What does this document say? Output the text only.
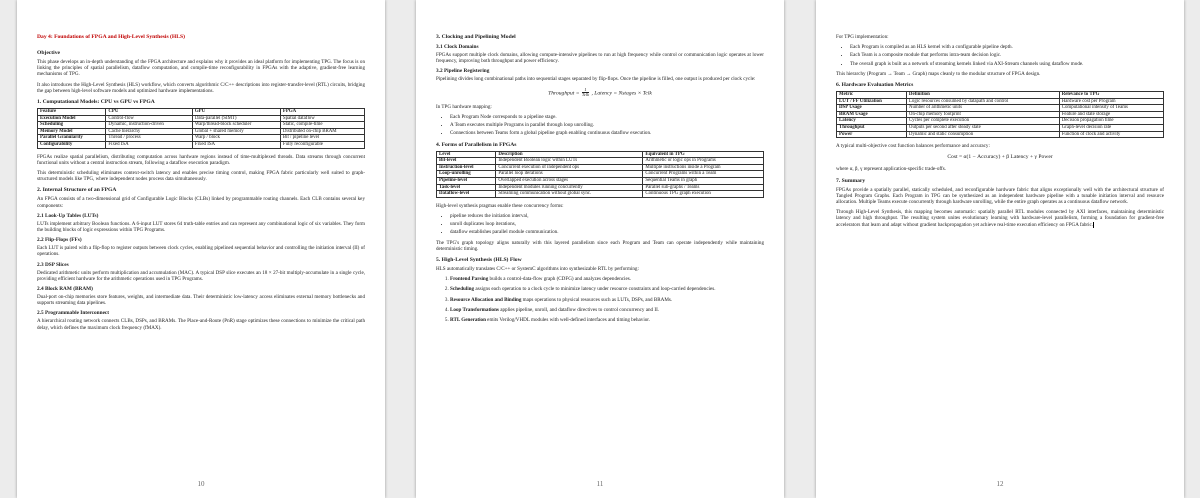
Day 4: Foundations of FPGA and High-Level Synthesis (HLS)
Objective

This phase develops an in-depth understanding of the FPGA architecture and explains why it provides an ideal platform for implementing TPG. The focus is on linking the principles of spatial parallelism, dataflow computation, and compile-time reconfigurability in FPGAs with the adaptive, gradient-free learning mechanisms of TPG.

It also introduces the High-Level Synthesis (HLS) workflow, which converts algorithmic C/C++ descriptions into register-transfer-level (RTL) circuits, bridging the gap between high-level software models and optimized hardware implementations.

1. Computational Models: CPU vs GPU vs FPGA
Feature	CPU	GPU	FPGA
Execution Model	Control-flow	Data-parallel (SIMT)	Spatial dataflow
Scheduling	Dynamic, instruction-driven	Warp/thread-block scheduler	Static, compile-time
Memory Model	Cache hierarchy	Global + shared memory	Distributed on-chip BRAM
Parallel Granularity	Thread / process	Warp / block	Bit / pipeline level
Configurability	Fixed ISA	Fixed ISA	Fully reconfigurable

FPGAs realize spatial parallelism, distributing computation across hardware regions instead of time-multiplexed threads. Data streams through concurrent functional units without a central instruction stream, following a dataflow execution paradigm.

This deterministic scheduling eliminates context-switch latency and enables precise timing control, making FPGA fabric particularly well suited to graph-structured models like TPG, where independent nodes process data simultaneously.

2. Internal Structure of an FPGA

An FPGA consists of a two-dimensional grid of Configurable Logic Blocks (CLBs) linked by programmable routing channels. Each CLB contains several key components:

2.1 Look-Up Tables (LUTs)

LUTs implement arbitrary Boolean functions. A 6-input LUT stores 64 truth-table entries and can represent any combinational logic of six variables. They form the building blocks of logic expressions within TPG Programs.

2.2 Flip-Flops (FFs)

Each LUT is paired with a flip-flop to register outputs between clock cycles, enabling pipelined sequential behavior and controlling the initiation interval (II) of operations.

2.3 DSP Slices

Dedicated arithmetic units perform multiplication and accumulation (MAC). A typical DSP slice executes an 18 × 27-bit multiply-accumulate in a single cycle, providing efficient hardware for the arithmetic operations used in TPG Programs.

2.4 Block RAM (BRAM)

Dual-port on-chip memories store features, weights, and intermediate data. Their deterministic low-latency access eliminates external memory bottlenecks and supports streaming data pipelines.

2.5 Programmable Interconnect

A hierarchical routing network connects CLBs, DSPs, and BRAMs. The Place-and-Route (PnR) stage optimizes these connections to minimize the critical path delay, which defines the maximum clock frequency (fMAX).

10
3. Clocking and Pipelining Model
3.1 Clock Domains

FPGAs support multiple clock domains, allowing compute-intensive pipelines to run at high frequency while control or communication logic operates at lower frequency, improving both throughput and power efficiency.

3.2 Pipeline Registering

Pipelining divides long combinational paths into sequential stages separated by flip-flops. Once the pipeline is filled, one output is produced per clock cycle:

Throughput = $\frac{1}{\text{Tclk}}$ , Latency = Nstages × Tclk

In TPG hardware mapping:

• Each Program Node corresponds to a pipeline stage.
• A Team executes multiple Programs in parallel through loop unrolling.
• Connections between Teams form a global pipeline graph enabling continuous dataflow execution.
4. Forms of Parallelism in FPGAs
Level	Description	Equivalent in TPG
Bit-level	Independent Boolean logic within LUTs	Arithmetic or logic ops in Programs
Instruction-level	Concurrent execution of independent ops	Multiple instructions inside a Program
Loop-unrolling	Parallel loop iterations	Concurrent Programs within a Team
Pipeline-level	Overlapped execution across stages	Sequential Teams in graph
Task-level	Independent modules running concurrently	Parallel sub-graphs / Teams
Dataflow-level	Streaming communication without global sync.	Continuous TPG graph execution

High-level synthesis pragmas enable these concurrency forms:

• pipeline reduces the initiation interval,
• unroll duplicates loop iterations,
• dataflow establishes parallel module communication.

The TPG's graph topology aligns naturally with this layered parallelism since each Program and Team can operate independently while maintaining deterministic timing.

5. High-Level Synthesis (HLS) Flow

HLS automatically translates C/C++ or SystemC algorithms into synthesizable RTL by performing:

1. Frontend Parsing builds a control-data-flow graph (CDFG) and analyzes dependencies.
2. Scheduling assigns each operation to a clock cycle to minimize latency under resource constraints and loop-carried dependencies.
3. Resource Allocation and Binding maps operations to physical resources such as LUTs, DSPs, and BRAMs.
4. Loop Transformations applies pipeline, unroll, and dataflow directives to control concurrency and II.
5. RTL Generation emits Verilog/VHDL modules with well-defined interfaces and timing behavior.
11

For TPG implementation:

• Each Program is compiled as an HLS kernel with a configurable pipeline depth.
• Each Team is a composite module that performs intra-team decision logic.
• The overall graph is built as a network of streaming kernels linked via AXI-Stream channels using dataflow mode.

This hierarchy (Program → Team → Graph) maps cleanly to the modular structure of FPGA design.

6. Hardware Evaluation Metrics
Metric	Definition	Relevance to TPG
LUT / FF Utilization	Logic resources consumed by datapath and control	Hardware cost per Program
DSP Usage	Number of arithmetic units	Computational intensity of Teams
BRAM Usage	On-chip memory footprint	Feature and state storage
Latency	Cycles per complete execution	Decision propagation time
Throughput	Outputs per second after steady state	Graph-level decision rate
Power	Dynamic and static consumption	Function of clock and activity

A typical multi-objective cost function balances performance and accuracy:

Cost = α(1 − Accuracy) + β Latency + γ Power

where α, β, γ represent application-specific trade-offs.

7. Summary

FPGAs provide a spatially parallel, statically scheduled, and reconfigurable hardware fabric that aligns exceptionally well with the architectural structure of Tangled Program Graphs. Each Program in TPG can be synthesized as an independent hardware pipeline with a tunable initiation interval and resource allocation. Multiple Teams execute concurrently through hardware unrolling, while the entire graph operates as a continuous dataflow network.

Through High-Level Synthesis, this mapping becomes automatic: spatially parallel RTL modules connected by AXI interfaces, maintaining deterministic latency and high throughput. The resulting system unites evolutionary learning with hardware-level parallelism, forming a foundation for gradient-free accelerators that learn and adapt without gradient backpropagation yet achieve real-time execution efficiency on FPGA fabric.

12
